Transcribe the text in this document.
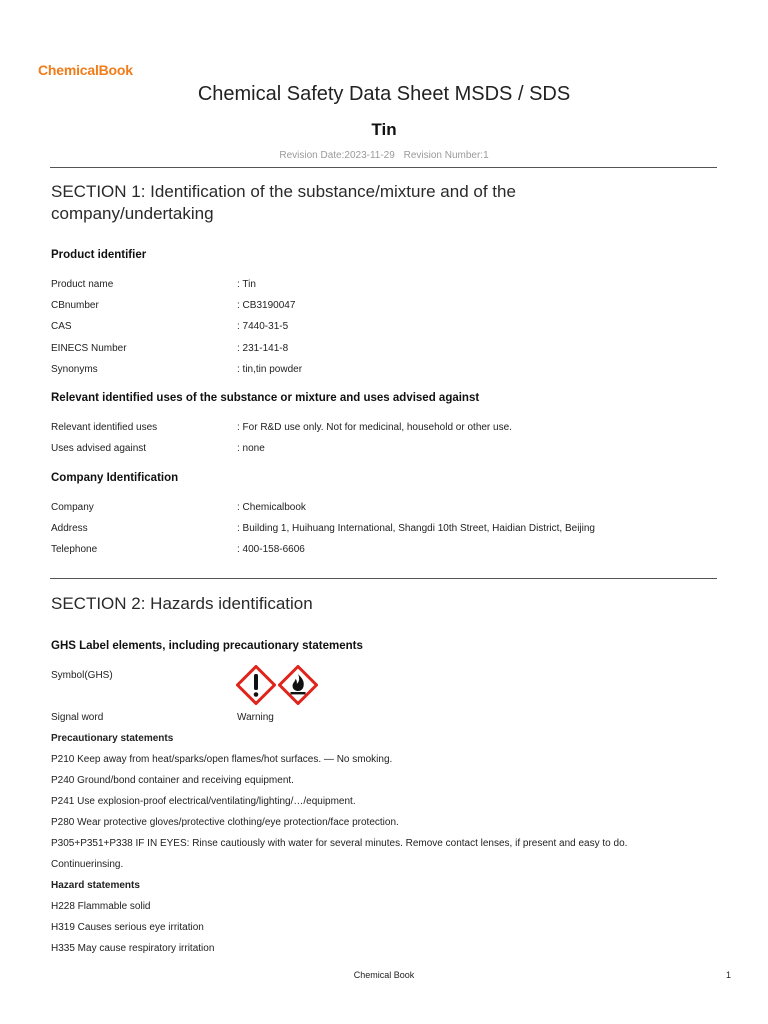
ChemicalBook
Chemical Safety Data Sheet MSDS / SDS
Tin
Revision Date:2023-11-29 Revision Number:1
SECTION 1: Identification of the substance/mixture and of the company/undertaking
Product identifier
Product name	: Tin
CBnumber	: CB3190047
CAS	: 7440-31-5
EINECS Number	: 231-141-8
Synonyms	: tin,tin powder
Relevant identified uses of the substance or mixture and uses advised against
Relevant identified uses	: For R&D use only. Not for medicinal, household or other use.
Uses advised against	: none
Company Identification
Company	: Chemicalbook
Address	: Building 1, Huihuang International, Shangdi 10th Street, Haidian District, Beijing
Telephone	: 400-158-6606
SECTION 2: Hazards identification
GHS Label elements, including precautionary statements
Symbol(GHS)
Signal word	Warning
Precautionary statements
P210 Keep away from heat/sparks/open flames/hot surfaces. — No smoking.
P240 Ground/bond container and receiving equipment.
P241 Use explosion-proof electrical/ventilating/lighting/…/equipment.
P280 Wear protective gloves/protective clothing/eye protection/face protection.
P305+P351+P338 IF IN EYES: Rinse cautiously with water for several minutes. Remove contact lenses, if present and easy to do.
Continuerinsing.
Hazard statements
H228 Flammable solid
H319 Causes serious eye irritation
H335 May cause respiratory irritation
Chemical Book	1
